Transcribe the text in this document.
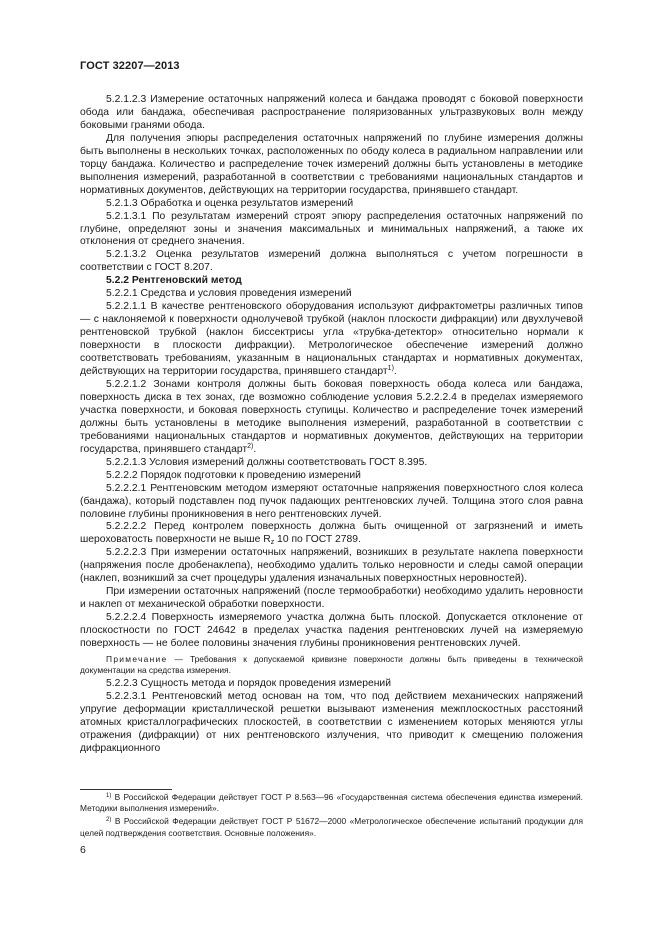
ГОСТ 32207—2013

5.2.1.2.3 Измерение остаточных напряжений колеса и бандажа проводят с боковой поверхности обода или бандажа, обеспечивая распространение поляризованных ультразвуковых волн между боковыми гранями обода.

Для получения эпюры распределения остаточных напряжений по глубине измерения должны быть выполнены в нескольких точках, расположенных по ободу колеса в радиальном направлении или торцу бандажа. Количество и распределение точек измерений должны быть установлены в методике выполнения измерений, разработанной в соответствии с требованиями национальных стандартов и нормативных документов, действующих на территории государства, принявшего стандарт.

5.2.1.3 Обработка и оценка результатов измерений

5.2.1.3.1 По результатам измерений строят эпюру распределения остаточных напряжений по глубине, определяют зоны и значения максимальных и минимальных напряжений, а также их отклонения от среднего значения.

5.2.1.3.2 Оценка результатов измерений должна выполняться с учетом погрешности в соответствии с ГОСТ 8.207.

5.2.2 Рентгеновский метод

5.2.2.1 Средства и условия проведения измерений

5.2.2.1.1 В качестве рентгеновского оборудования используют дифрактометры различных типов — с наклоняемой к поверхности однолучевой трубкой (наклон плоскости дифракции) или двухлучевой рентгеновской трубкой (наклон биссектрисы угла «трубка-детектор» относительно нормали к поверхности в плоскости дифракции). Метрологическое обеспечение измерений должно соответствовать требованиям, указанным в национальных стандартах и нормативных документах, действующих на территории государства, принявшего стандарт$^{1)}$.

5.2.2.1.2 Зонами контроля должны быть боковая поверхность обода колеса или бандажа, поверхность диска в тех зонах, где возможно соблюдение условия 5.2.2.2.4 в пределах измеряемого участка поверхности, и боковая поверхность ступицы. Количество и распределение точек измерений должны быть установлены в методике выполнения измерений, разработанной в соответствии с требованиями национальных стандартов и нормативных документов, действующих на территории государства, принявшего стандарт$^{2)}$.

5.2.2.1.3 Условия измерений должны соответствовать ГОСТ 8.395.

5.2.2.2 Порядок подготовки к проведению измерений

5.2.2.2.1 Рентгеновским методом измеряют остаточные напряжения поверхностного слоя колеса (бандажа), который подставлен под пучок падающих рентгеновских лучей. Толщина этого слоя равна половине глубины проникновения в него рентгеновских лучей.

5.2.2.2.2 Перед контролем поверхность должна быть очищенной от загрязнений и иметь шероховатость поверхности не выше $R_z$ 10 по ГОСТ 2789.

5.2.2.2.3 При измерении остаточных напряжений, возникших в результате наклепа поверхности (напряжения после дробенаклепа), необходимо удалить только неровности и следы самой операции (наклеп, возникший за счет процедуры удаления изначальных поверхностных неровностей).

При измерении остаточных напряжений (после термообработки) необходимо удалить неровности и наклеп от механической обработки поверхности.

5.2.2.2.4 Поверхность измеряемого участка должна быть плоской. Допускается отклонение от плоскостности по ГОСТ 24642 в пределах участка падения рентгеновских лучей на измеряемую поверхность — не более половины значения глубины проникновения рентгеновских лучей.

Примечание — Требования к допускаемой кривизне поверхности должны быть приведены в технической документации на средства измерения.

5.2.2.3 Сущность метода и порядок проведения измерений

5.2.2.3.1 Рентгеновский метод основан на том, что под действием механических напряжений упругие деформации кристаллической решетки вызывают изменения межплоскостных расстояний атомных кристаллографических плоскостей, в соответствии с изменением которых меняются углы отражения (дифракции) от них рентгеновского излучения, что приводит к смещению положения дифракционного

$^{1)}$ В Российской Федерации действует ГОСТ Р 8.563—96 «Государственная система обеспечения единства измерений. Методики выполнения измерений».

$^{2)}$ В Российской Федерации действует ГОСТ Р 51672—2000 «Метрологическое обеспечение испытаний продукции для целей подтверждения соответствия. Основные положения».

6
